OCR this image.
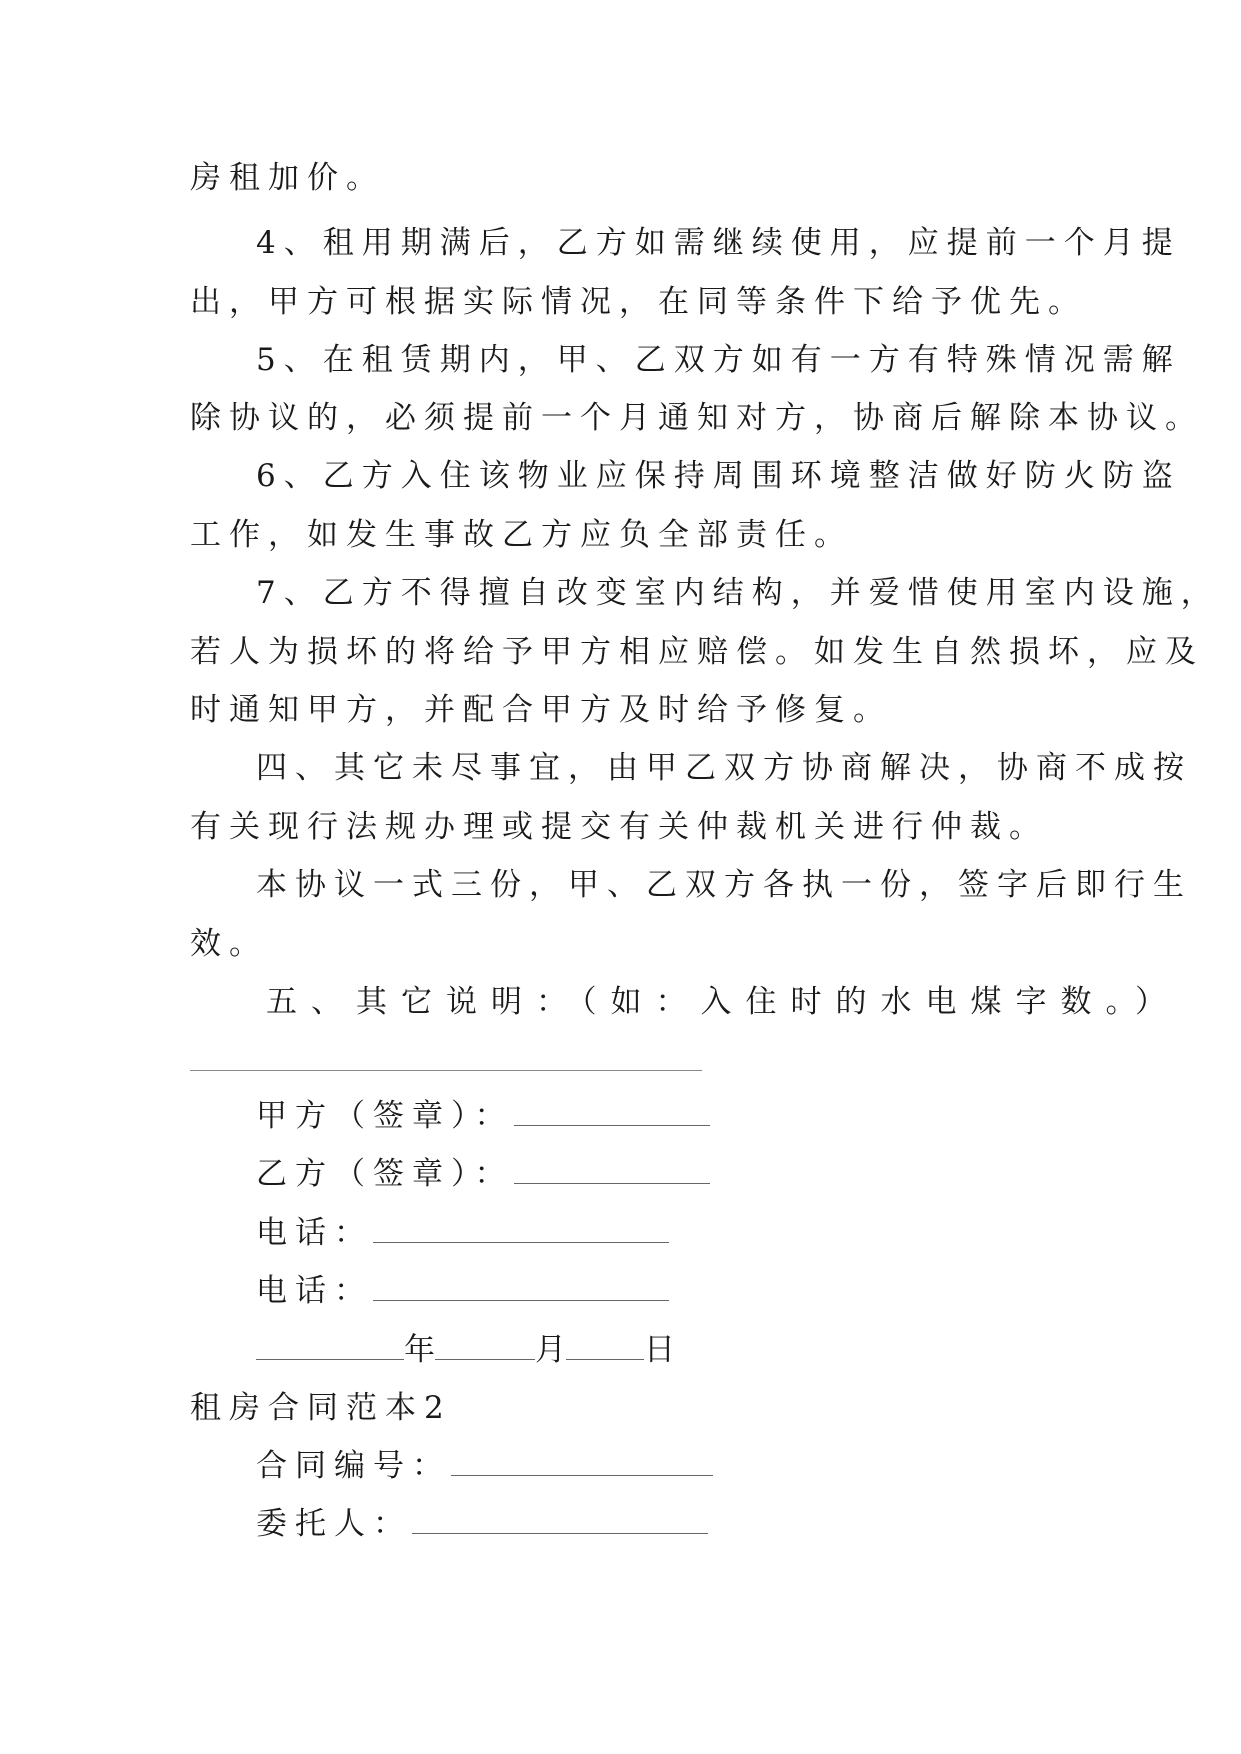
房租加价。
4、租用期满后，乙方如需继续使用，应提前一个月提
出，甲方可根据实际情况，在同等条件下给予优先。
5、在租赁期内，甲、乙双方如有一方有特殊情况需解
除协议的，必须提前一个月通知对方，协商后解除本协议。
6、乙方入住该物业应保持周围环境整洁做好防火防盗
工作，如发生事故乙方应负全部责任。
7、乙方不得擅自改变室内结构，并爱惜使用室内设施，
若人为损坏的将给予甲方相应赔偿。如发生自然损坏，应及
时通知甲方，并配合甲方及时给予修复。
四、其它未尽事宜，由甲乙双方协商解决，协商不成按
有关现行法规办理或提交有关仲裁机关进行仲裁。
本协议一式三份，甲、乙双方各执一份，签字后即行生
效。
五、其它说明：（如：入住时的水电煤字数。）
甲方（签章）：
乙方（签章）：
电话：
电话：
年	月	日
租房合同范本2
合同编号：
委托人：
